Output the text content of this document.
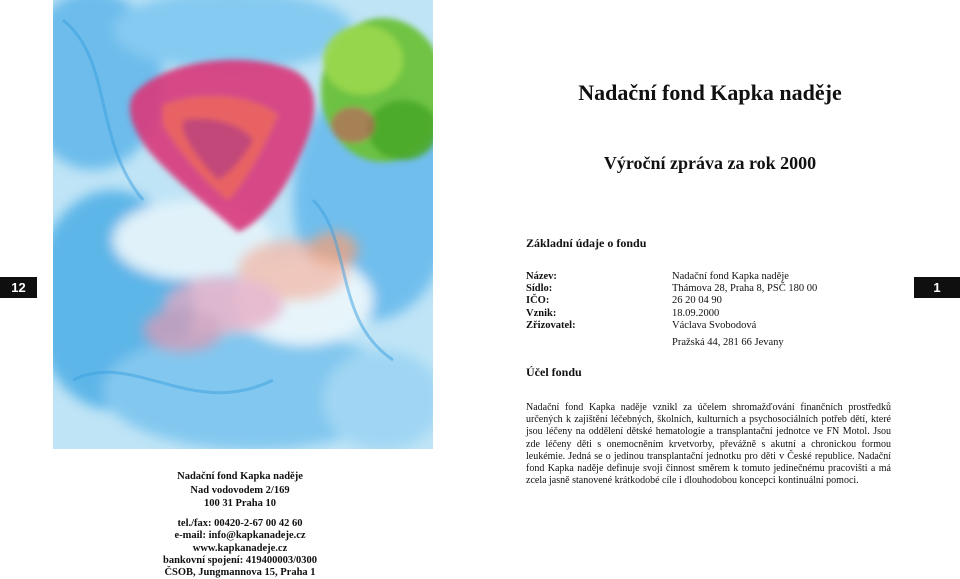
12	1
Nadační fond Kapka naděje
Nad vodovodem 2/169
100 31 Praha 10
tel./fax: 00420-2-67 00 42 60
e-mail: info@kapkanadeje.cz
www.kapkanadeje.cz
bankovní spojení: 419400003/0300
ČSOB, Jungmannova 15, Praha 1
Nadační fond Kapka naděje
Výroční zpráva za rok 2000
Základní údaje o fondu
Název:	Nadační fond Kapka naděje
Sídlo:	Thámova 28, Praha 8, PSČ 180 00
IČO:	26 20 04 90
Vznik:	18.09.2000
Zřizovatel:	Václava Svobodová
Pražská 44, 281 66 Jevany
Účel fondu
Nadační fond Kapka naděje vznikl za účelem shromažďování finančních prostředků určených k zajištění léčebných, školních, kulturních a psychosociálních potřeb dětí, které jsou léčeny na oddělení dětské hematologie a transplantační jednotce ve FN Motol. Jsou zde léčeny děti s onemocněním krvetvorby, převážně s akutní a chronickou formou leukémie. Jedná se o jedinou transplantační jednotku pro děti v České republice. Nadační fond Kapka naděje definuje svoji činnost směrem k tomuto jedinečnému pracovišti a má zcela jasně stanovené krátkodobé cíle i dlouhodobou koncepci kontinuální pomoci.
